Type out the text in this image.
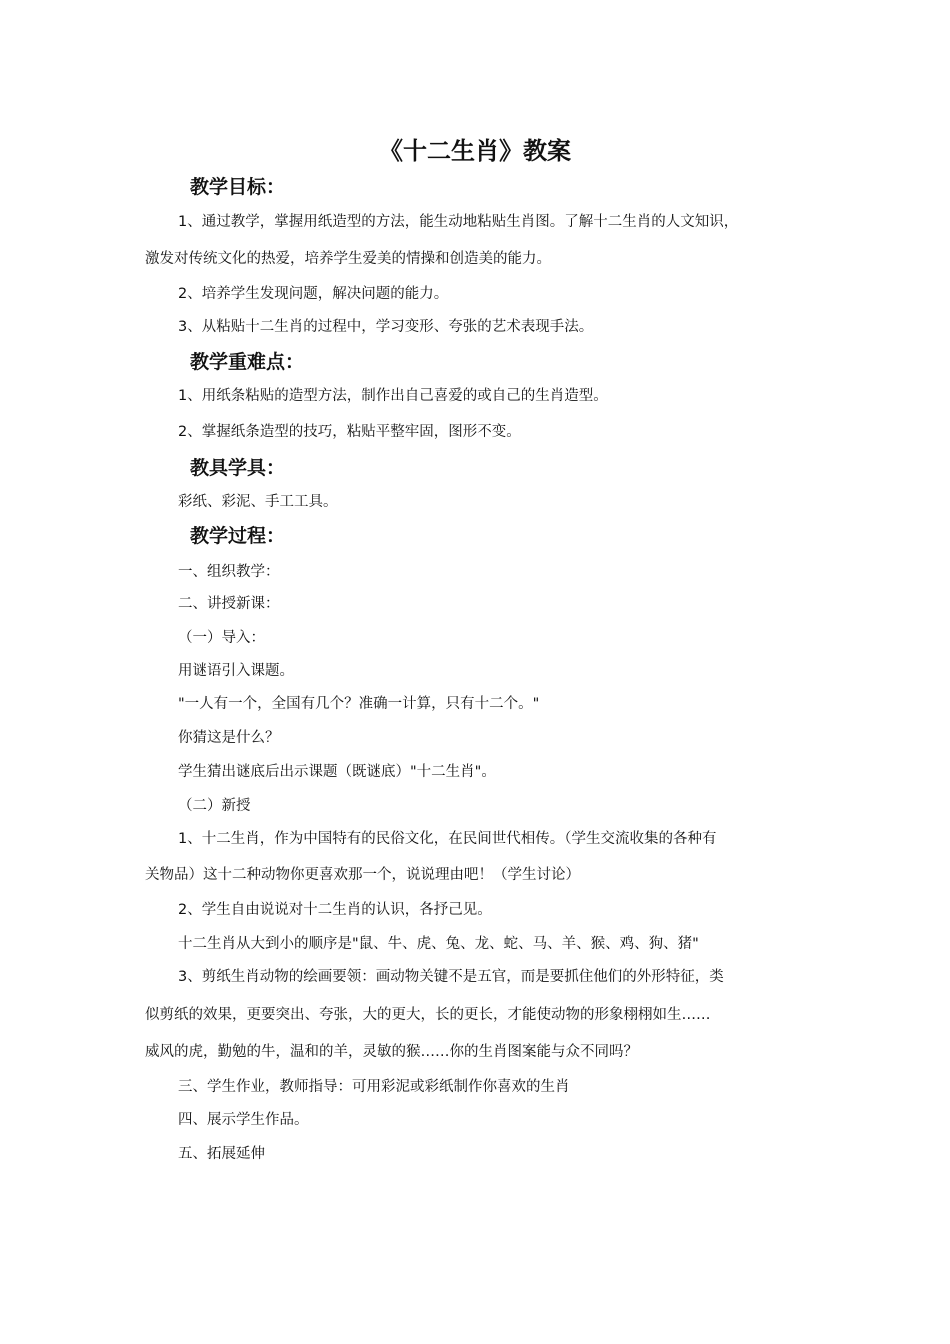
《十二生肖》教案
教学目标：
1、通过教学，掌握用纸造型的方法，能生动地粘贴生肖图。了解十二生肖的人文知识，
激发对传统文化的热爱，培养学生爱美的情操和创造美的能力。
2、培养学生发现问题，解决问题的能力。
3、从粘贴十二生肖的过程中，学习变形、夸张的艺术表现手法。
教学重难点：
1、用纸条粘贴的造型方法，制作出自己喜爱的或自己的生肖造型。
2、掌握纸条造型的技巧，粘贴平整牢固，图形不变。
教具学具：
彩纸、彩泥、手工工具。
教学过程：
一、组织教学：
二、讲授新课：
（一）导入：
用谜语引入课题。
"一人有一个，全国有几个？准确一计算，只有十二个。"
你猜这是什么？
学生猜出谜底后出示课题（既谜底）"十二生肖"。
（二）新授
1、十二生肖，作为中国特有的民俗文化，在民间世代相传。（学生交流收集的各种有
关物品）这十二种动物你更喜欢那一个，说说理由吧！（学生讨论）
2、学生自由说说对十二生肖的认识，各抒己见。
十二生肖从大到小的顺序是"鼠、牛、虎、兔、龙、蛇、马、羊、猴、鸡、狗、猪"
3、剪纸生肖动物的绘画要领：画动物关键不是五官，而是要抓住他们的外形特征，类
似剪纸的效果，更要突出、夸张，大的更大，长的更长，才能使动物的形象栩栩如生……
威风的虎，勤勉的牛，温和的羊，灵敏的猴……你的生肖图案能与众不同吗？
三、学生作业，教师指导：可用彩泥或彩纸制作你喜欢的生肖
四、展示学生作品。
五、拓展延伸
